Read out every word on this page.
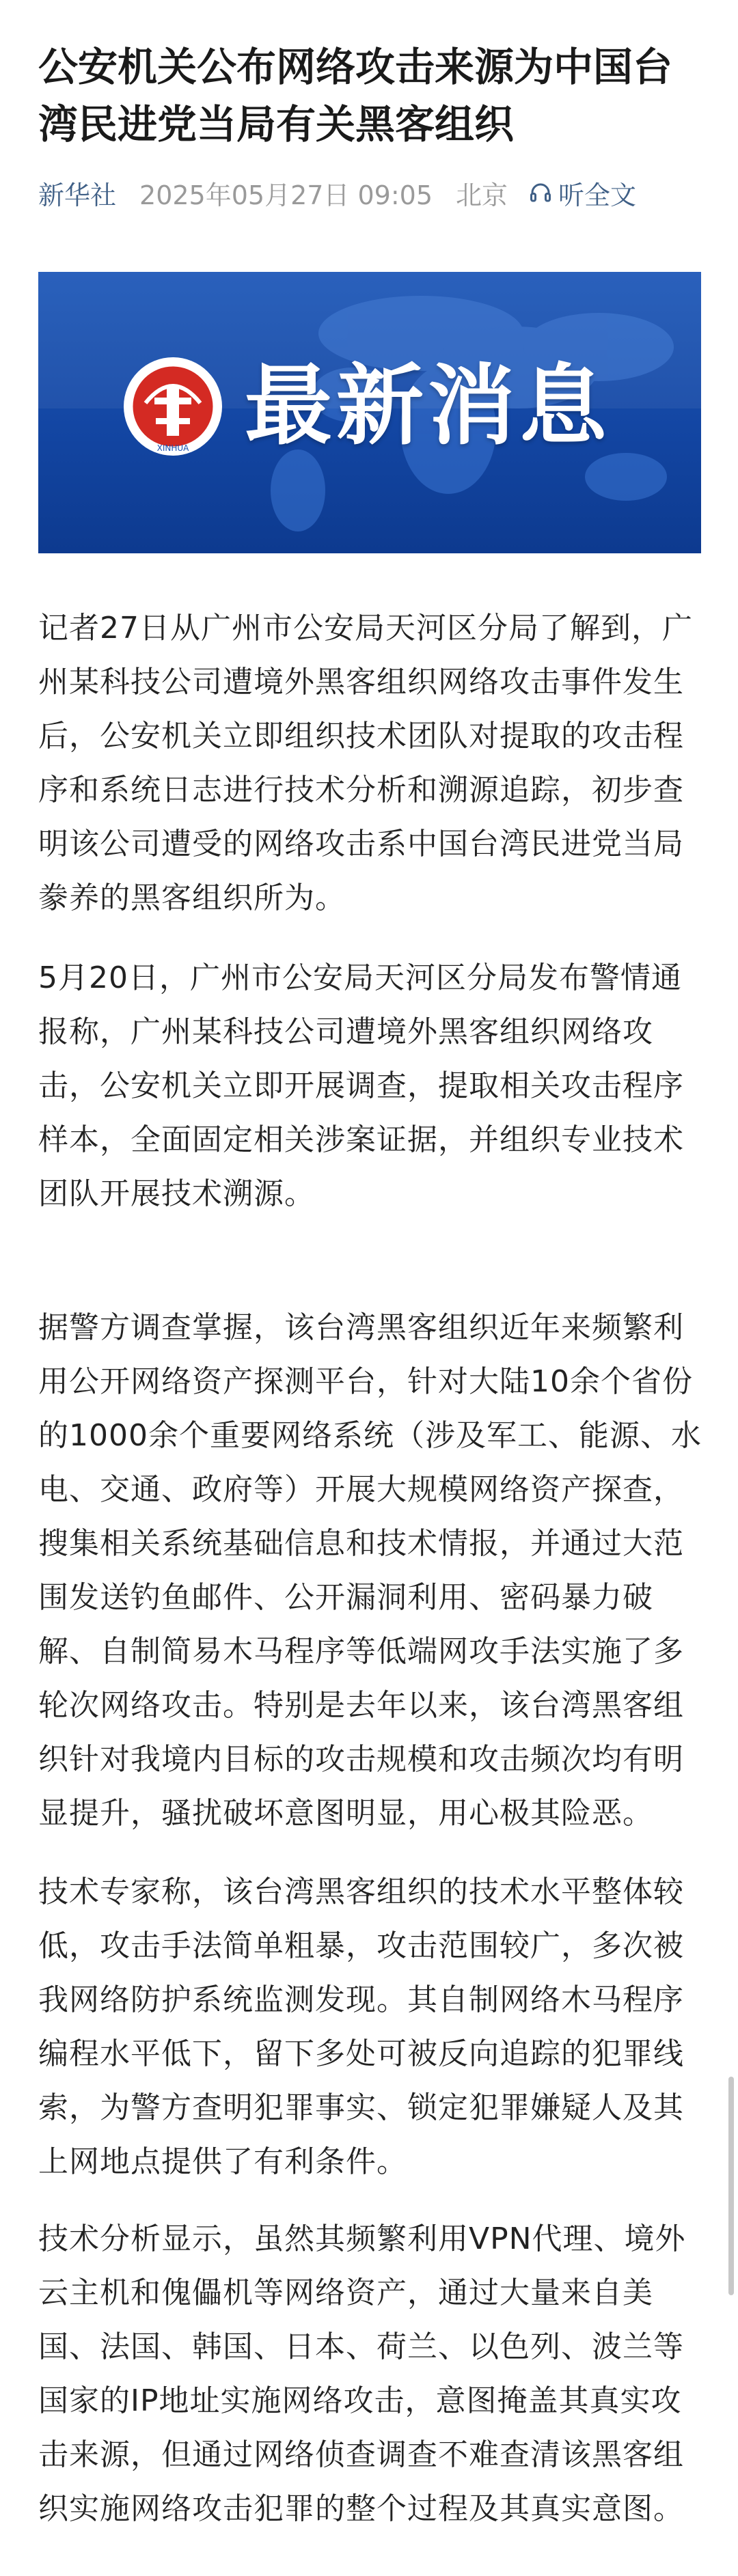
公安机关公布网络攻击来源为中国台湾民进党当局有关黑客组织
新华社 2025年05月27日 09:05 北京 听全文
XINHUA 最新消息

记者27日从广州市公安局天河区分局了解到，广州某科技公司遭境外黑客组织网络攻击事件发生后，公安机关立即组织技术团队对提取的攻击程序和系统日志进行技术分析和溯源追踪，初步查明该公司遭受的网络攻击系中国台湾民进党当局豢养的黑客组织所为。

5月20日，广州市公安局天河区分局发布警情通报称，广州某科技公司遭境外黑客组织网络攻击，公安机关立即开展调查，提取相关攻击程序样本，全面固定相关涉案证据，并组织专业技术团队开展技术溯源。

据警方调查掌握，该台湾黑客组织近年来频繁利用公开网络资产探测平台，针对大陆10余个省份的1000余个重要网络系统（涉及军工、能源、水电、交通、政府等）开展大规模网络资产探查，搜集相关系统基础信息和技术情报，并通过大范围发送钓鱼邮件、公开漏洞利用、密码暴力破解、自制简易木马程序等低端网攻手法实施了多轮次网络攻击。特别是去年以来，该台湾黑客组织针对我境内目标的攻击规模和攻击频次均有明显提升，骚扰破坏意图明显，用心极其险恶。

技术专家称，该台湾黑客组织的技术水平整体较低，攻击手法简单粗暴，攻击范围较广，多次被我网络防护系统监测发现。其自制网络木马程序编程水平低下，留下多处可被反向追踪的犯罪线索，为警方查明犯罪事实、锁定犯罪嫌疑人及其上网地点提供了有利条件。

技术分析显示，虽然其频繁利用VPN代理、境外云主机和傀儡机等网络资产，通过大量来自美国、法国、韩国、日本、荷兰、以色列、波兰等国家的IP地址实施网络攻击，意图掩盖其真实攻击来源，但通过网络侦查调查不难查清该黑客组织实施网络攻击犯罪的整个过程及其真实意图。
